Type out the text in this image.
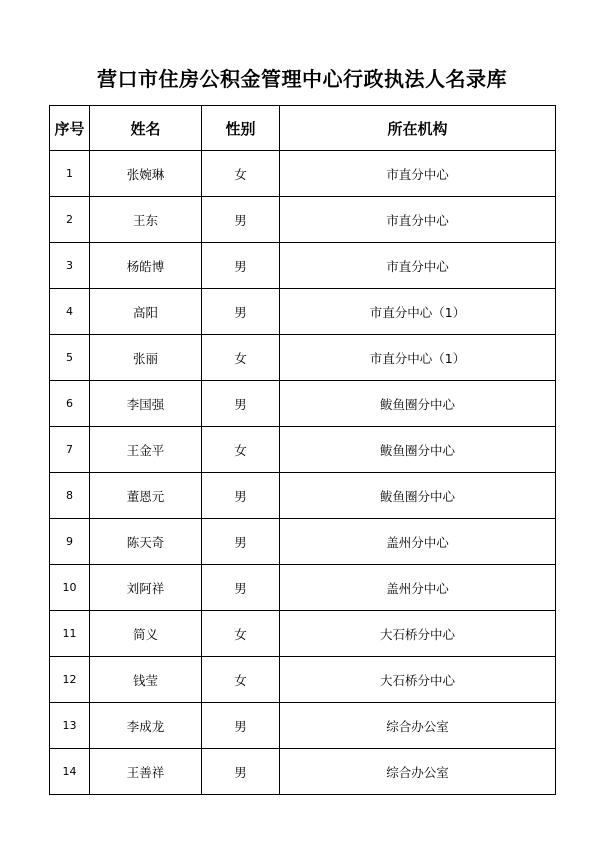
营口市住房公积金管理中心行政执法人名录库
序号	姓名	性别	所在机构
1	张婉琳	女	市直分中心
2	王东	男	市直分中心
3	杨皓博	男	市直分中心
4	高阳	男	市直分中心（1）
5	张丽	女	市直分中心（1）
6	李国强	男	鲅鱼圈分中心
7	王金平	女	鲅鱼圈分中心
8	董恩元	男	鲅鱼圈分中心
9	陈天奇	男	盖州分中心
10	刘阿祥	男	盖州分中心
11	简义	女	大石桥分中心
12	钱莹	女	大石桥分中心
13	李成龙	男	综合办公室
14	王善祥	男	综合办公室
